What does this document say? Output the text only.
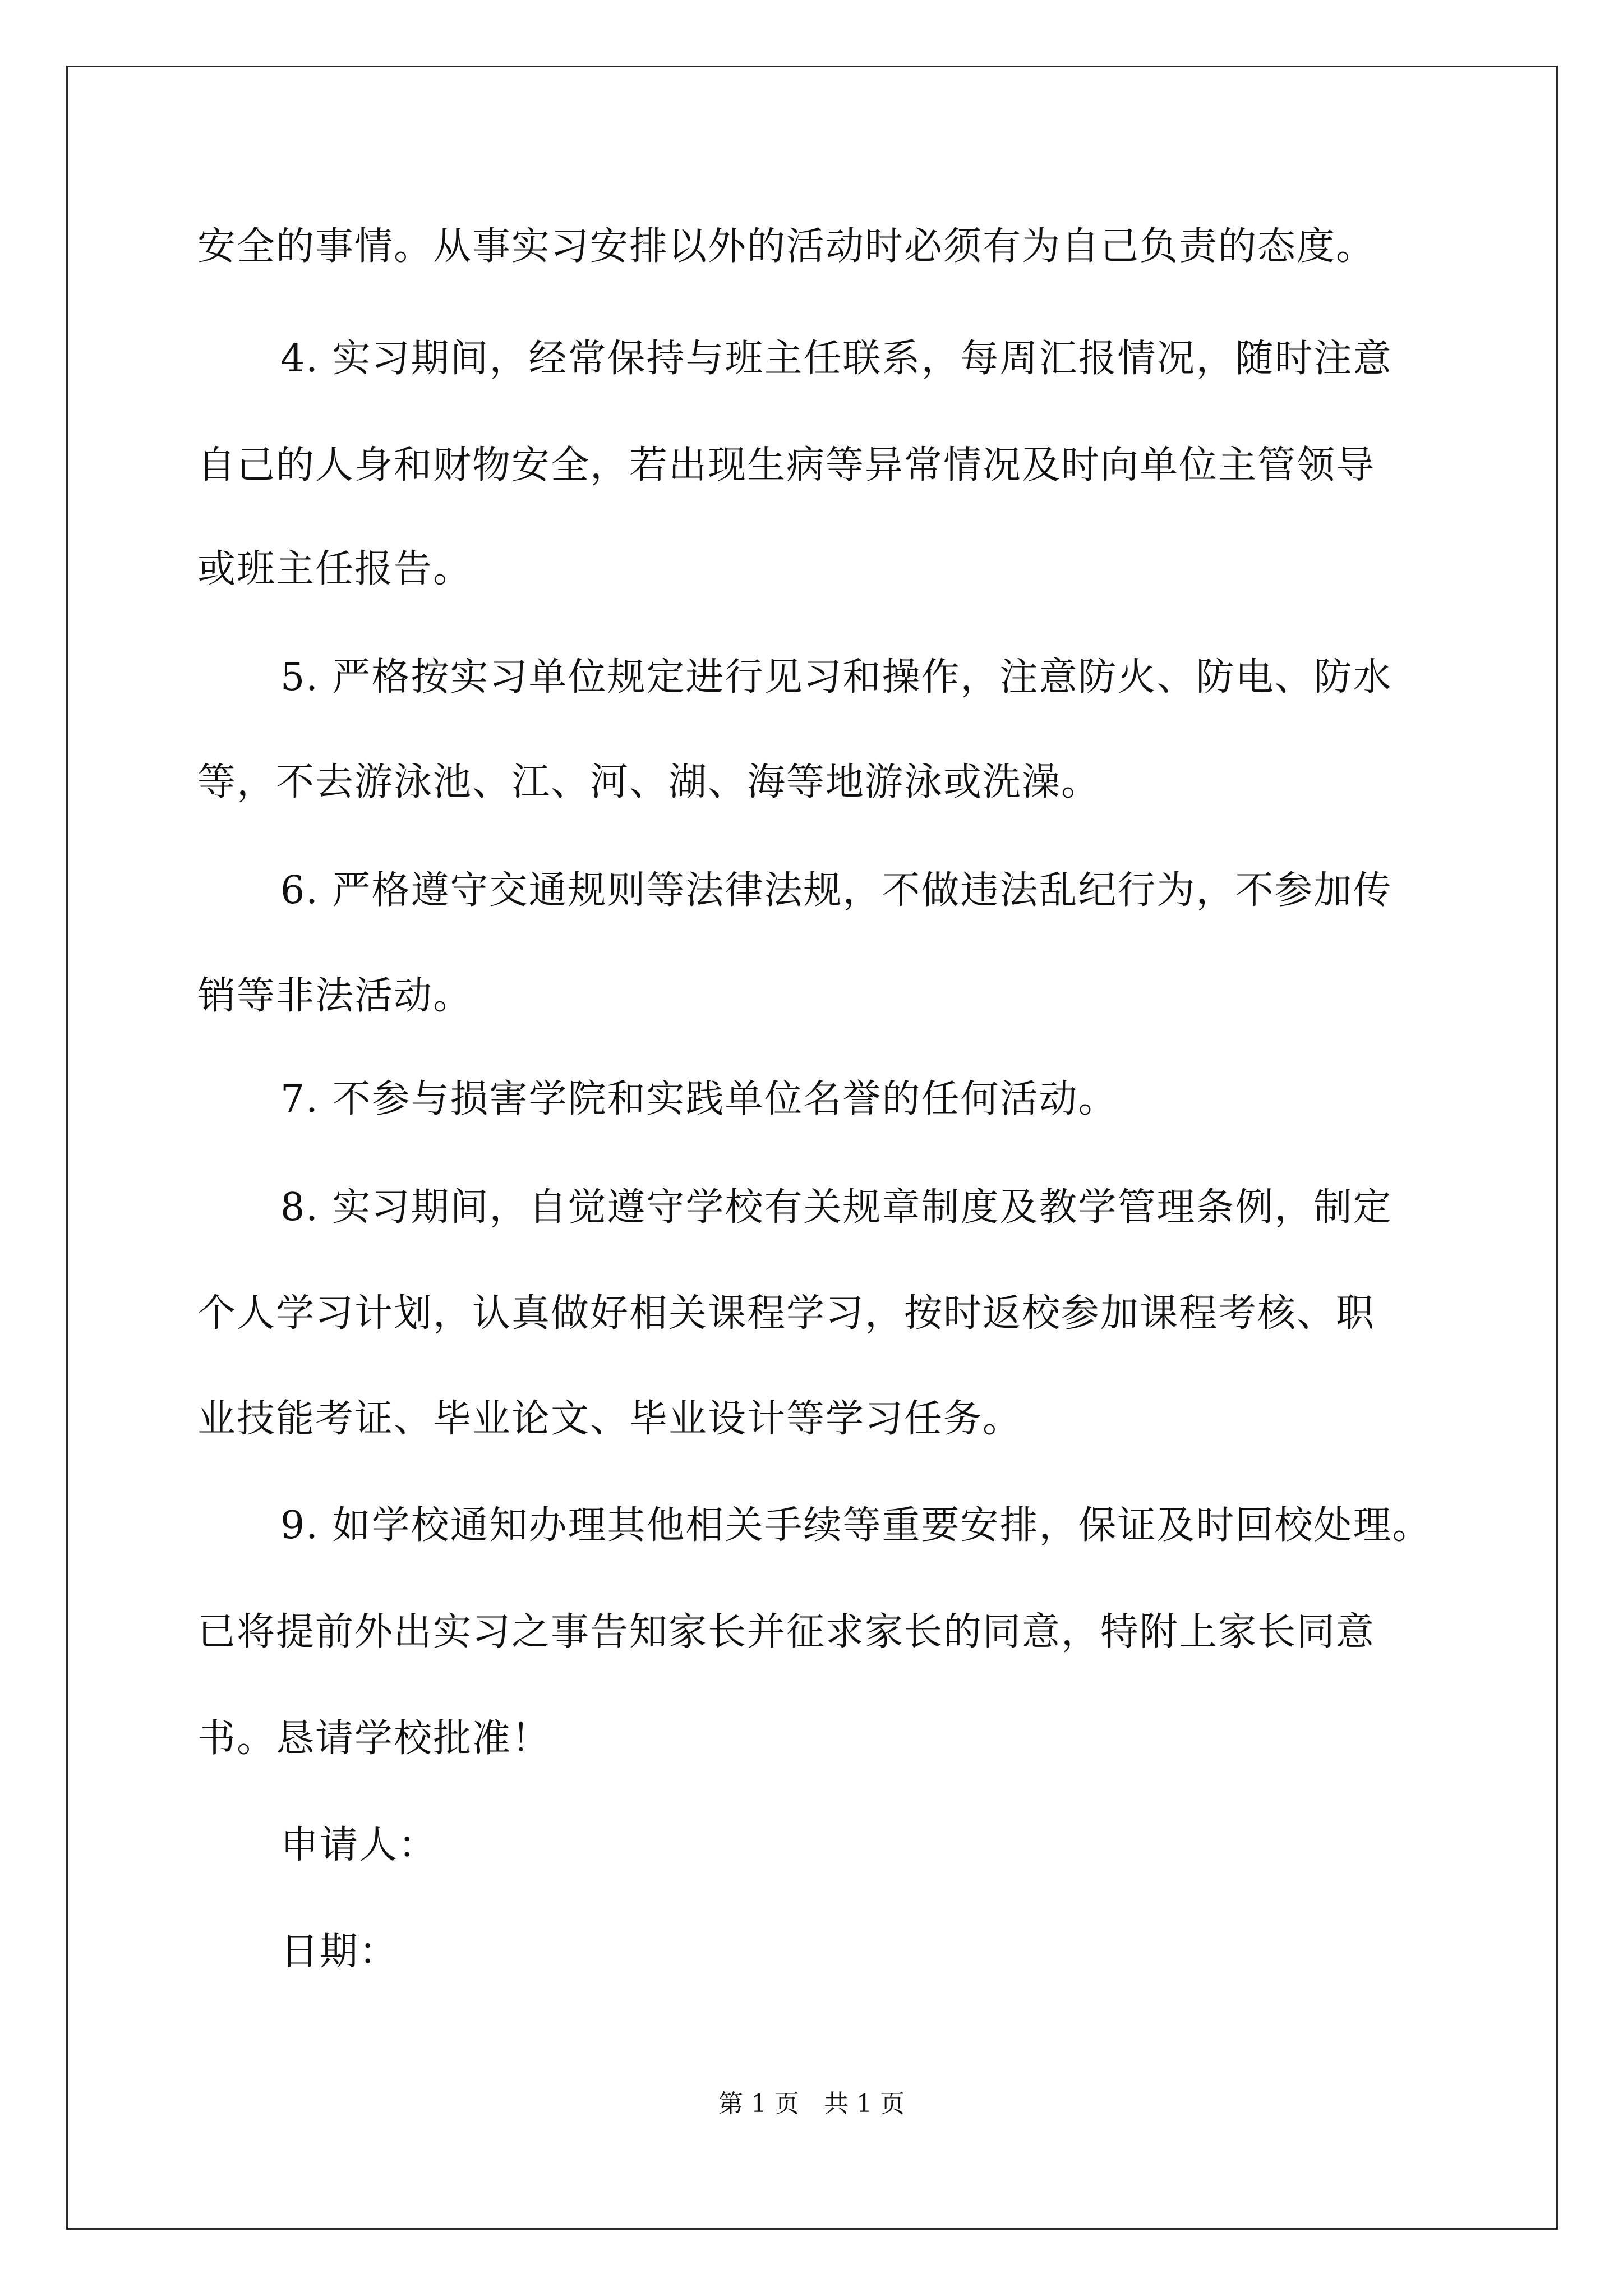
安全的事情。从事实习安排以外的活动时必须有为自己负责的态度。
4. 实习期间，经常保持与班主任联系，每周汇报情况，随时注意
自己的人身和财物安全，若出现生病等异常情况及时向单位主管领导
或班主任报告。
5. 严格按实习单位规定进行见习和操作，注意防火、防电、防水
等，不去游泳池、江、河、湖、海等地游泳或洗澡。
6. 严格遵守交通规则等法律法规，不做违法乱纪行为，不参加传
销等非法活动。
7. 不参与损害学院和实践单位名誉的任何活动。
8. 实习期间，自觉遵守学校有关规章制度及教学管理条例，制定
个人学习计划，认真做好相关课程学习，按时返校参加课程考核、职
业技能考证、毕业论文、毕业设计等学习任务。
9. 如学校通知办理其他相关手续等重要安排，保证及时回校处理。
已将提前外出实习之事告知家长并征求家长的同意，特附上家长同意
书。恳请学校批准！
申请人：
日期：
第 1 页　共 1 页
